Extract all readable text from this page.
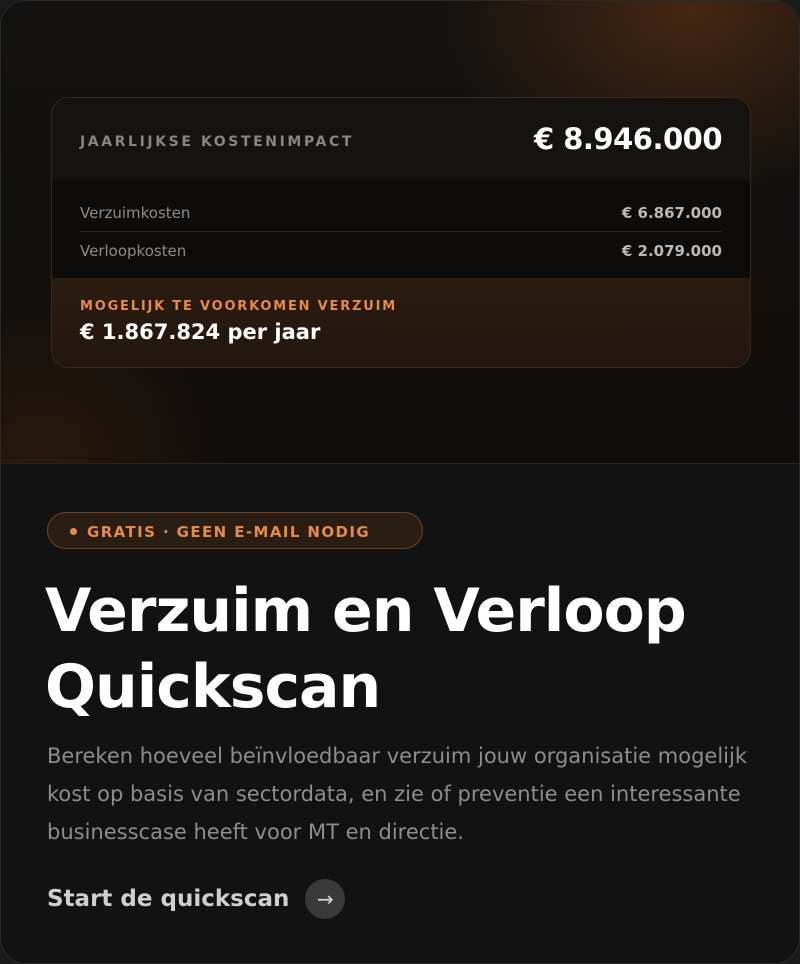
JAARLIJKSE KOSTENIMPACT	€ 8.946.000
Verzuimkosten	€ 6.867.000
Verloopkosten	€ 2.079.000
MOGELIJK TE VOORKOMEN VERZUIM
€ 1.867.824 per jaar
GRATIS · GEEN E-MAIL NODIG
Verzuim en Verloop
Quickscan

Bereken hoeveel beïnvloedbaar verzuim jouw organisatie mogelijk kost op basis van sectordata, en zie of preventie een interessante businesscase heeft voor MT en directie.

Start de quickscan	→
